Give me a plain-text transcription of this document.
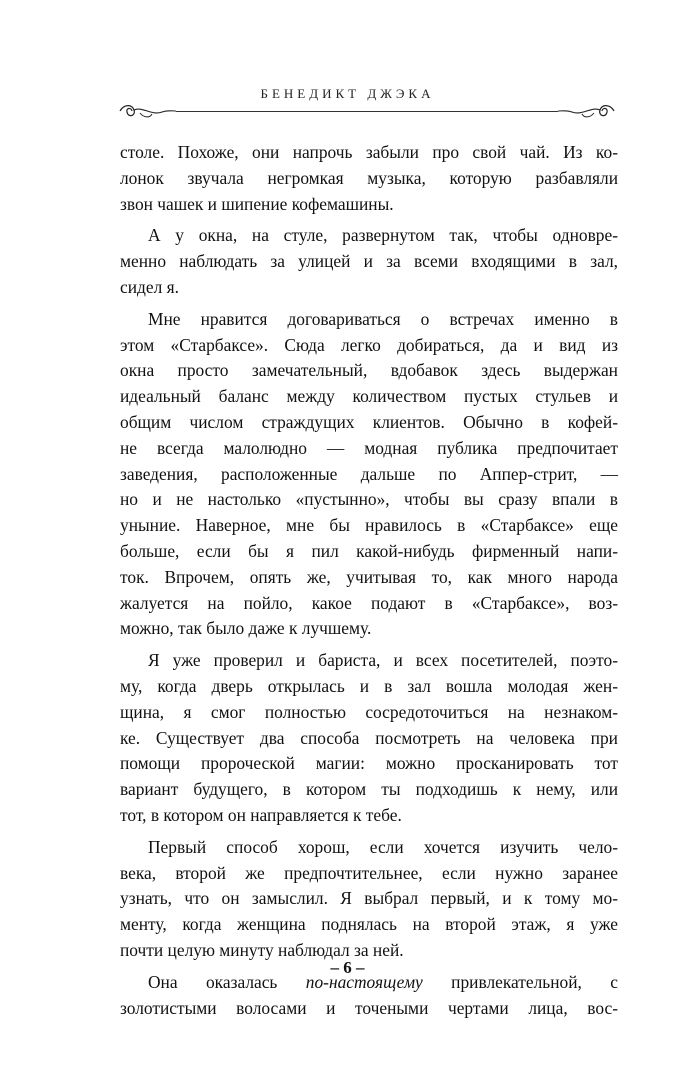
БЕНЕДИКТ ДЖЭКА

столе. Похоже, они напрочь забыли про свой чай. Из ко-
лонок звучала негромкая музыка, которую разбавляли
звон чашек и шипение кофемашины.

А у окна, на стуле, развернутом так, чтобы одновре-
менно наблюдать за улицей и за всеми входящими в зал,
сидел я.

Мне нравится договариваться о встречах именно в
этом «Старбаксе». Сюда легко добираться, да и вид из
окна просто замечательный, вдобавок здесь выдержан
идеальный баланс между количеством пустых стульев и
общим числом страждущих клиентов. Обычно в кофей-
не всегда малолюдно — модная публика предпочитает
заведения, расположенные дальше по Аппер-стрит, —
но и не настолько «пустынно», чтобы вы сразу впали в
уныние. Наверное, мне бы нравилось в «Старбаксе» еще
больше, если бы я пил какой-нибудь фирменный напи-
ток. Впрочем, опять же, учитывая то, как много народа
жалуется на пойло, какое подают в «Старбаксе», воз-
можно, так было даже к лучшему.

Я уже проверил и бариста, и всех посетителей, поэто-
му, когда дверь открылась и в зал вошла молодая жен-
щина, я смог полностью сосредоточиться на незнаком-
ке. Существует два способа посмотреть на человека при
помощи пророческой магии: можно просканировать тот
вариант будущего, в котором ты подходишь к нему, или
тот, в котором он направляется к тебе.

Первый способ хорош, если хочется изучить чело-
века, второй же предпочтительнее, если нужно заранее
узнать, что он замыслил. Я выбрал первый, и к тому мо-
менту, когда женщина поднялась на второй этаж, я уже
почти целую минуту наблюдал за ней.

Она оказалась по-настоящему привлекательной, с
золотистыми волосами и точеными чертами лица, вос-

– 6 –
